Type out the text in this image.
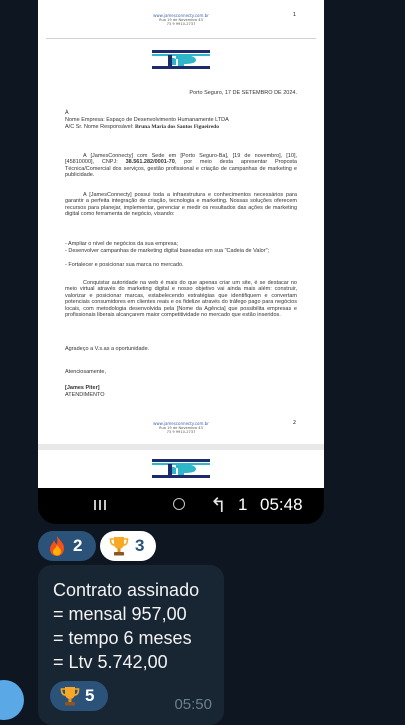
www.jamesconnecty.com.br
Rua 19 de Novembro 43
73 9 9910-2737
1
Porto Seguro, 17 DE SETEMBRO DE 2024.
À
Nome Empresa: Espaço de Desenvolvimento Humanamente LTDA
A/C Sr. Nome Responsável: Bruna Maria dos Santos Figueiredo
A [JamesConnecty] com Sede em [Porto Seguro-Ba], [19 de novembro], [10], [45810000], CNPJ: 38.561.282/0001-70, por meio desta apresentar Proposta Técnica/Comercial dos serviços, gestão profissional e criação de campanhas de marketing e publicidade.
A [JamesConnecty] possui toda a infraestrutura e conhecimentos necessários para garantir a perfeita integração de criação, tecnologia e marketing. Nossas soluções oferecem recursos para planejar, implementar, gerenciar e medir os resultados das ações de marketing digital como ferramenta de negócio, visando:
- Ampliar o nível de negócios da sua empresa;
- Desenvolver campanhas de marketing digital baseadas em sua "Cadeia de Valor";
- Fortalecer e posicionar sua marca no mercado.
Conquistar autoridade na web é mais do que apenas criar um site, é se destacar no meio virtual através do marketing digital e nosso objetivo vai ainda mais além: construir, valorizar e posicionar marcas, estabelecendo estratégias que identifiquem e convertam potenciais consumidores em clientes reais e os fidelize através do tráfego pago para negócios locais, com metodologia desenvolvida pela [Nome da Agência] que possibilita empresas e profissionais liberais alcançarem maior competitividade no mercado que estão inseridos.
Agradeço a V.s.as a oportunidade.
Atenciosamente,
[James Piter]
ATENDIMENTO
www.jamesconnecty.com.br
Rua 19 de Novembro 43
73 9 9910-2737
2
↰ 1 05:48
2	3
Contrato assinado
= mensal 957,00
= tempo 6 meses
= Ltv 5.742,00
5	05:50
